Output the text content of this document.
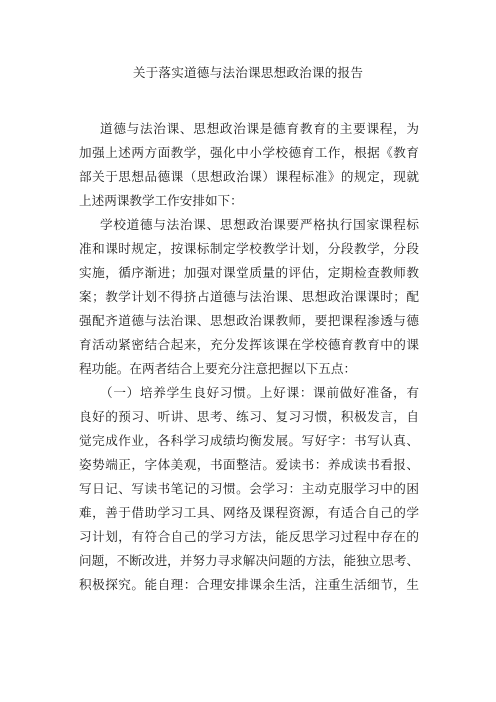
关于落实道德与法治课思想政治课的报告
道德与法治课、思想政治课是德育教育的主要课程，为
加强上述两方面教学，强化中小学校德育工作，根据《教育
部关于思想品德课（思想政治课）课程标准》的规定，现就
上述两课教学工作安排如下：
学校道德与法治课、思想政治课要严格执行国家课程标
准和课时规定，按课标制定学校教学计划，分段教学，分段
实施，循序渐进；加强对课堂质量的评估，定期检查教师教
案；教学计划不得挤占道德与法治课、思想政治课课时；配
强配齐道德与法治课、思想政治课教师，要把课程渗透与德
育活动紧密结合起来，充分发挥该课在学校德育教育中的课
程功能。在两者结合上要充分注意把握以下五点：
（一）培养学生良好习惯。上好课：课前做好准备，有
良好的预习、听讲、思考、练习、复习习惯，积极发言，自
觉完成作业，各科学习成绩均衡发展。写好字：书写认真、
姿势端正，字体美观，书面整洁。爱读书：养成读书看报、
写日记、写读书笔记的习惯。会学习：主动克服学习中的困
难，善于借助学习工具、网络及课程资源，有适合自己的学
习计划，有符合自己的学习方法，能反思学习过程中存在的
问题，不断改进，并努力寻求解决问题的方法，能独立思考、
积极探究。能自理：合理安排课余生活，注重生活细节，生
